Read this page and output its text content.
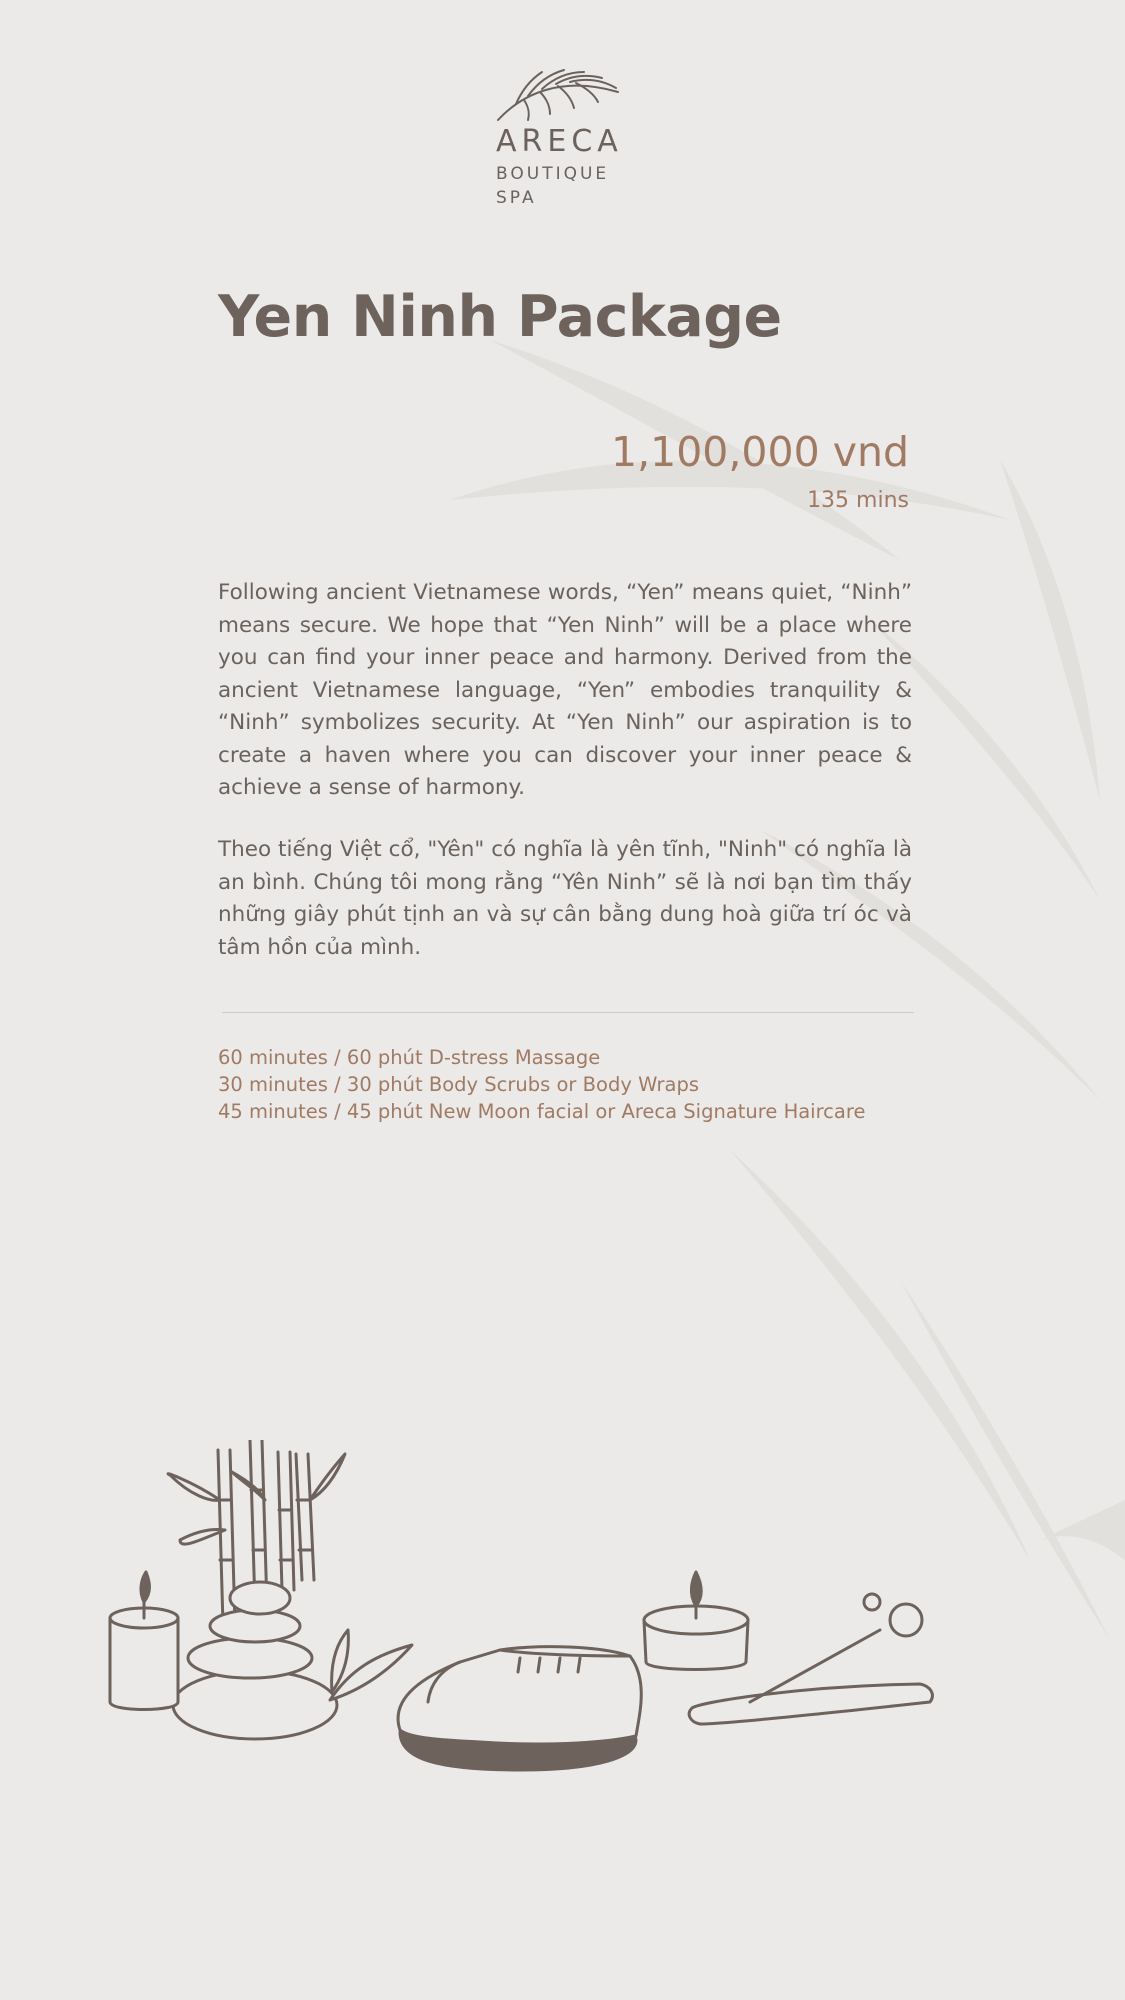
ARECA
BOUTIQUE
SPA
Yen Ninh Package
1,100,000 vnd
135 mins

Following ancient Vietnamese words, “Yen” means quiet, “Ninh” means secure. We hope that “Yen Ninh” will be a place where you can find your inner peace and harmony. Derived from the ancient Vietnamese language, “Yen” embodies tranquility & “Ninh” symbolizes security. At “Yen Ninh” our aspiration is to create a haven where you can discover your inner peace & achieve a sense of harmony.

Theo tiếng Việt cổ, "Yên" có nghĩa là yên tĩnh, "Ninh" có nghĩa là an bình. Chúng tôi mong rằng “Yên Ninh” sẽ là nơi bạn tìm thấy những giây phút tịnh an và sự cân bằng dung hoà giữa trí óc và tâm hồn của mình.

60 minutes / 60 phút D-stress Massage
30 minutes / 30 phút Body Scrubs or Body Wraps
45 minutes / 45 phút New Moon facial or Areca Signature Haircare
